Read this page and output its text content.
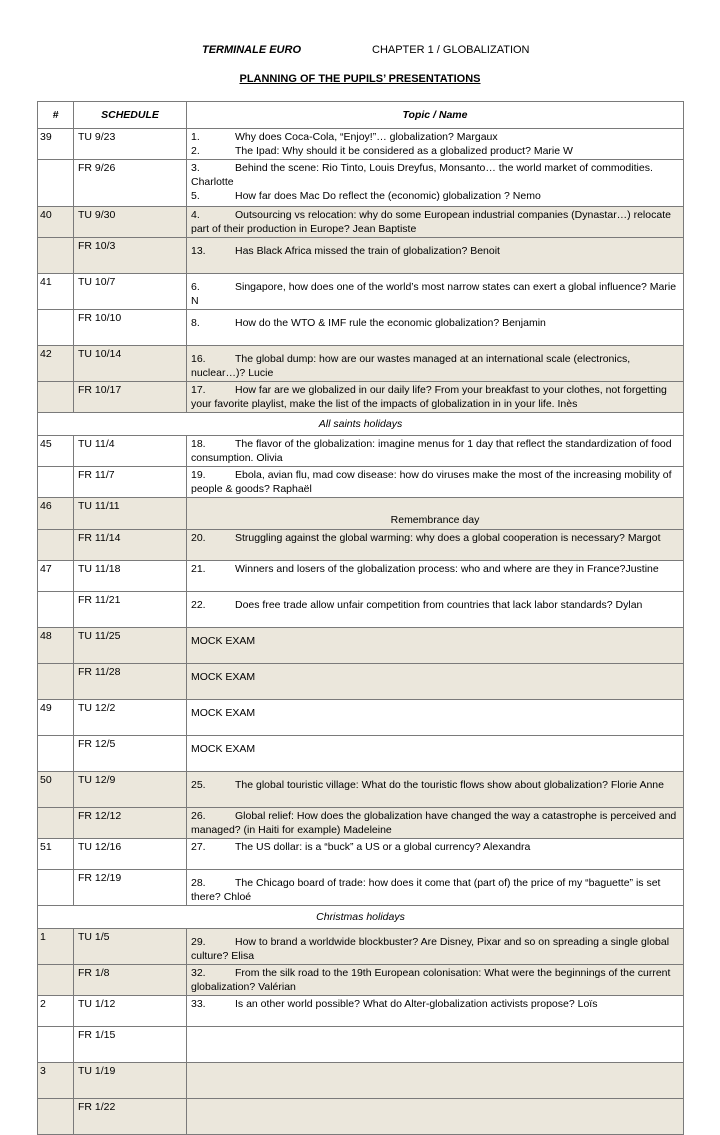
TERMINALE EURO	CHAPTER 1 / GLOBALIZATION
PLANNING OF THE PUPILS’ PRESENTATIONS
#	SCHEDULE	Topic / Name
39	TU 9/23	1. Why does Coca-Cola, “Enjoy!”… globalization? Margaux
2. The Ipad: Why should it be considered as a globalized product? Marie W

	FR 9/26	3. Behind the scene: Rio Tinto, Louis Dreyfus, Monsanto… the world market of commodities. Charlotte
5. How far does Mac Do reflect the (economic) globalization ? Nemo

40	TU 9/30	4. Outsourcing vs relocation: why do some European industrial companies (Dynastar…) relocate part of their production in Europe? Jean Baptiste

	FR 10/3	13. Has Black Africa missed the train of globalization? Benoit

41	TU 10/7	6. Singapore, how does one of the world’s most narrow states can exert a global influence? Marie N

	FR 10/10	8. How do the WTO & IMF rule the economic globalization? Benjamin

42	TU 10/14	16. The global dump: how are our wastes managed at an international scale (electronics, nuclear…)? Lucie

	FR 10/17	17. How far are we globalized in our daily life? From your breakfast to your clothes, not forgetting your favorite playlist, make the list of the impacts of globalization in in your life. Inès

All saints holidays		
45	TU 11/4	18. The flavor of the globalization: imagine menus for 1 day that reflect the standardization of food consumption. Olivia

	FR 11/7	19. Ebola, avian flu, mad cow disease: how do viruses make the most of the increasing mobility of people & goods? Raphaël

46	TU 11/11	Remembrance day
	FR 11/14	20. Struggling against the global warming: why does a global cooperation is necessary? Margot

47	TU 11/18	21. Winners and losers of the globalization process: who and where are they in France?Justine

	FR 11/21	22. Does free trade allow unfair competition from countries that lack labor standards? Dylan

48	TU 11/25	MOCK EXAM
	FR 11/28	MOCK EXAM
49	TU 12/2	MOCK EXAM
	FR 12/5	MOCK EXAM
50	TU 12/9	25. The global touristic village: What do the touristic flows show about globalization? Florie Anne

	FR 12/12	26. Global relief: How does the globalization have changed the way a catastrophe is perceived and managed? (in Haiti for example) Madeleine

51	TU 12/16	27. The US dollar: is a “buck” a US or a global currency? Alexandra

	FR 12/19	28. The Chicago board of trade: how does it come that (part of) the price of my “baguette” is set there? Chloé

Christmas holidays		
1	TU 1/5	29. How to brand a worldwide blockbuster? Are Disney, Pixar and so on spreading a single global culture? Elisa

	FR 1/8	32. From the silk road to the 19th European colonisation: What were the beginnings of the current globalization? Valérian

2	TU 1/12	33. Is an other world possible? What do Alter-globalization activists propose? Loïs

	FR 1/15	
3	TU 1/19	
	FR 1/22	
